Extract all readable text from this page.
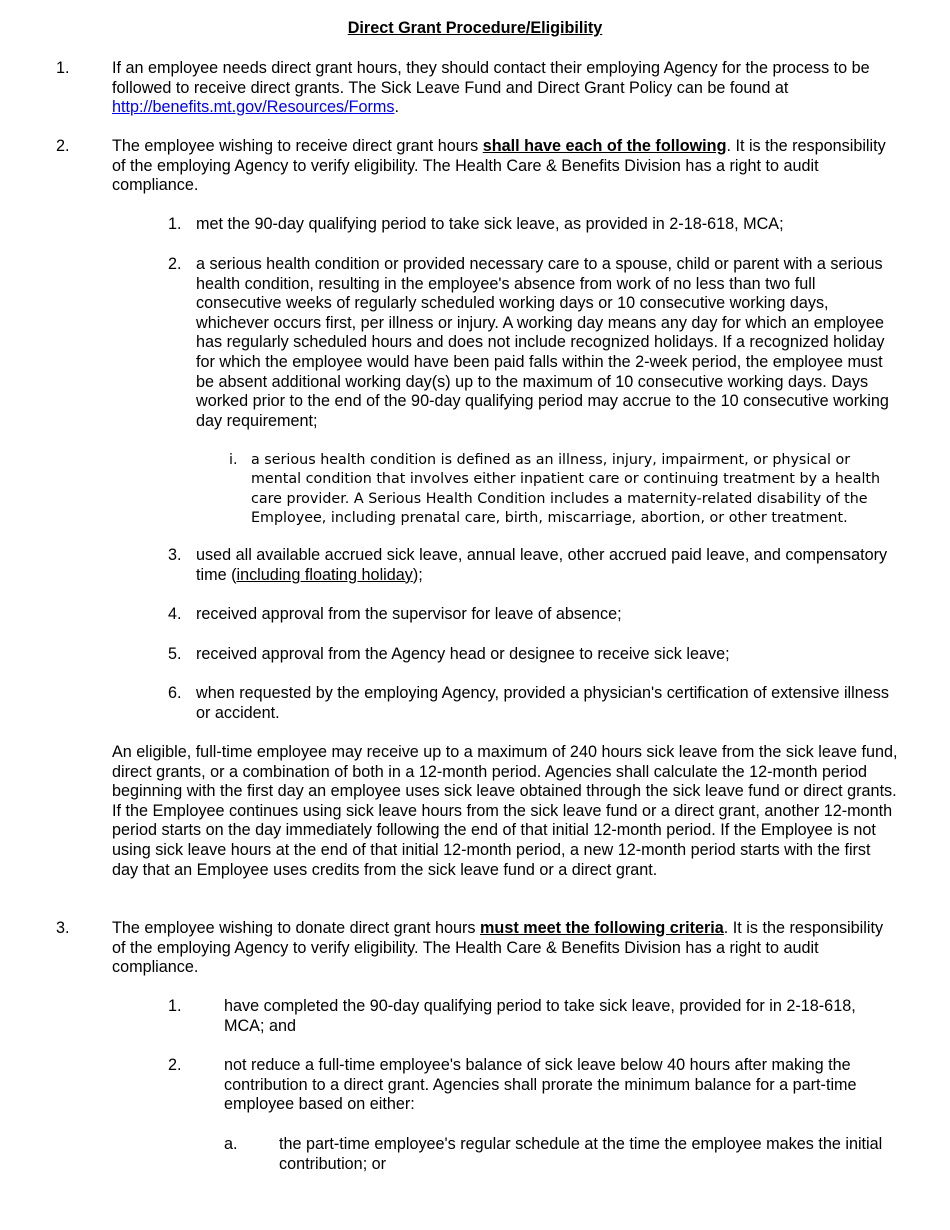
Direct Grant Procedure/Eligibility
1.	If an employee needs direct grant hours, they should contact their employing Agency for the process to be followed to receive direct grants. The Sick Leave Fund and Direct Grant Policy can be found at http://benefits.mt.gov/Resources/Forms.
2.	The employee wishing to receive direct grant hours shall have each of the following. It is the responsibility of the employing Agency to verify eligibility. The Health Care & Benefits Division has a right to audit compliance.
1. met the 90-day qualifying period to take sick leave, as provided in 2-18-618, MCA;
2. a serious health condition or provided necessary care to a spouse, child or parent with a serious health condition, resulting in the employee's absence from work of no less than two full consecutive weeks of regularly scheduled working days or 10 consecutive working days, whichever occurs first, per illness or injury. A working day means any day for which an employee has regularly scheduled hours and does not include recognized holidays. If a recognized holiday for which the employee would have been paid falls within the 2-week period, the employee must be absent additional working day(s) up to the maximum of 10 consecutive working days. Days worked prior to the end of the 90-day qualifying period may accrue to the 10 consecutive working day requirement;
i. a serious health condition is defined as an illness, injury, impairment, or physical or mental condition that involves either inpatient care or continuing treatment by a health care provider. A Serious Health Condition includes a maternity-related disability of the Employee, including prenatal care, birth, miscarriage, abortion, or other treatment.
3. used all available accrued sick leave, annual leave, other accrued paid leave, and compensatory time (including floating holiday);
4. received approval from the supervisor for leave of absence;
5. received approval from the Agency head or designee to receive sick leave;
6. when requested by the employing Agency, provided a physician's certification of extensive illness or accident.
An eligible, full-time employee may receive up to a maximum of 240 hours sick leave from the sick leave fund, direct grants, or a combination of both in a 12-month period. Agencies shall calculate the 12-month period beginning with the first day an employee uses sick leave obtained through the sick leave fund or direct grants. If the Employee continues using sick leave hours from the sick leave fund or a direct grant, another 12-month period starts on the day immediately following the end of that initial 12-month period. If the Employee is not using sick leave hours at the end of that initial 12-month period, a new 12-month period starts with the first day that an Employee uses credits from the sick leave fund or a direct grant.
3.	The employee wishing to donate direct grant hours must meet the following criteria. It is the responsibility of the employing Agency to verify eligibility. The Health Care & Benefits Division has a right to audit compliance.
1.	have completed the 90-day qualifying period to take sick leave, provided for in 2-18-618, MCA; and
2.	not reduce a full-time employee's balance of sick leave below 40 hours after making the contribution to a direct grant. Agencies shall prorate the minimum balance for a part-time employee based on either:
a.	the part-time employee's regular schedule at the time the employee makes the initial contribution; or
